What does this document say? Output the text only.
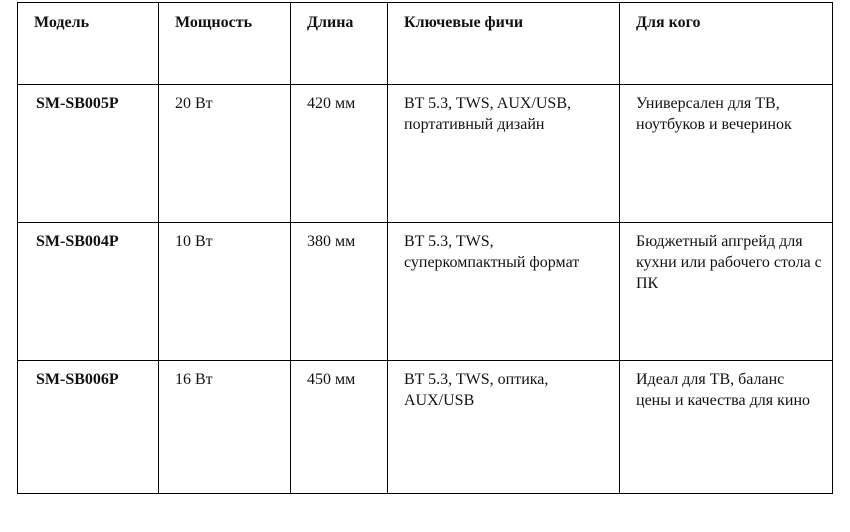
Модель	Мощность	Длина	Ключевые фичи	Для кого
SM-SB005P	20 Вт	420 мм	BT 5.3, TWS, AUX/USB, портативный дизайн	Универсален для ТВ, ноутбуков и вечеринок
SM-SB004P	10 Вт	380 мм	BT 5.3, TWS, суперкомпактный формат	Бюджетный апгрейд для кухни или рабочего стола с ПК
SM-SB006P	16 Вт	450 мм	BT 5.3, TWS, оптика, AUX/USB	Идеал для ТВ, баланс цены и качества для кино
